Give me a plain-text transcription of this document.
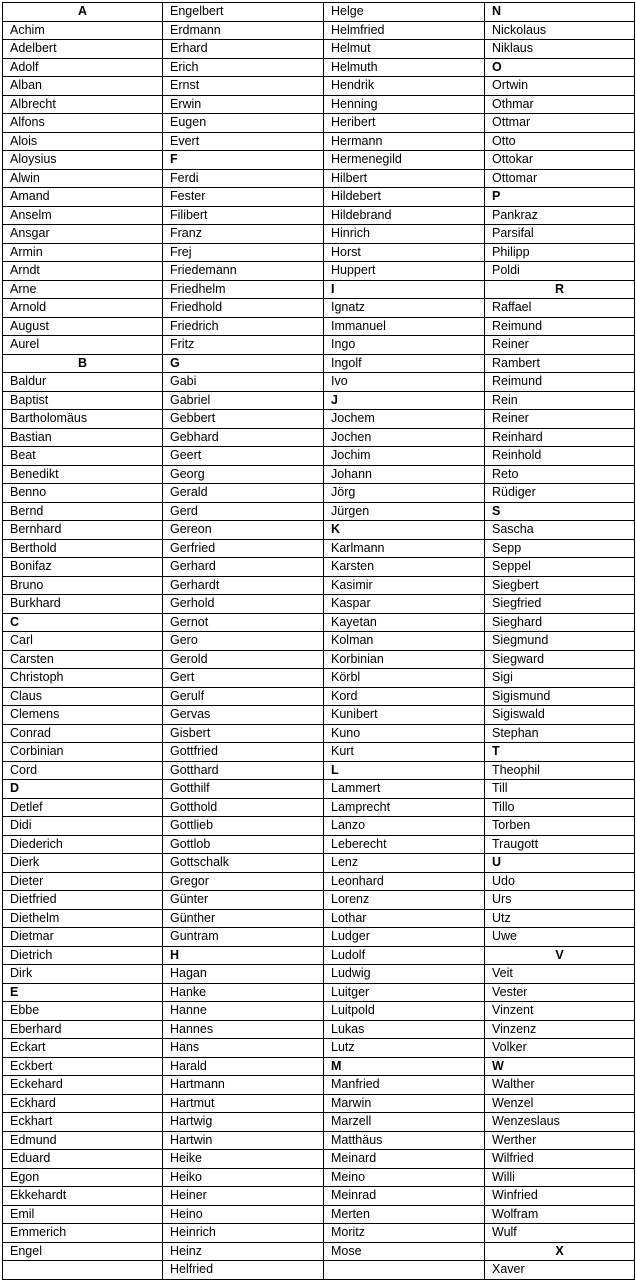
A	Engelbert	Helge	N
Achim	Erdmann	Helmfried	Nickolaus
Adelbert	Erhard	Helmut	Niklaus
Adolf	Erich	Helmuth	O
Alban	Ernst	Hendrik	Ortwin
Albrecht	Erwin	Henning	Othmar
Alfons	Eugen	Heribert	Ottmar
Alois	Evert	Hermann	Otto
Aloysius	F	Hermenegild	Ottokar
Alwin	Ferdi	Hilbert	Ottomar
Amand	Fester	Hildebert	P
Anselm	Filibert	Hildebrand	Pankraz
Ansgar	Franz	Hinrich	Parsifal
Armin	Frej	Horst	Philipp
Arndt	Friedemann	Huppert	Poldi
Arne	Friedhelm	I	R
Arnold	Friedhold	Ignatz	Raffael
August	Friedrich	Immanuel	Reimund
Aurel	Fritz	Ingo	Reiner
B	G	Ingolf	Rambert
Baldur	Gabi	Ivo	Reimund
Baptist	Gabriel	J	Rein
Bartholomäus	Gebbert	Jochem	Reiner
Bastian	Gebhard	Jochen	Reinhard
Beat	Geert	Jochim	Reinhold
Benedikt	Georg	Johann	Reto
Benno	Gerald	Jörg	Rüdiger
Bernd	Gerd	Jürgen	S
Bernhard	Gereon	K	Sascha
Berthold	Gerfried	Karlmann	Sepp
Bonifaz	Gerhard	Karsten	Seppel
Bruno	Gerhardt	Kasimir	Siegbert
Burkhard	Gerhold	Kaspar	Siegfried
C	Gernot	Kayetan	Sieghard
Carl	Gero	Kolman	Siegmund
Carsten	Gerold	Korbinian	Siegward
Christoph	Gert	Körbl	Sigi
Claus	Gerulf	Kord	Sigismund
Clemens	Gervas	Kunibert	Sigiswald
Conrad	Gisbert	Kuno	Stephan
Corbinian	Gottfried	Kurt	T
Cord	Gotthard	L	Theophil
D	Gotthilf	Lammert	Till
Detlef	Gotthold	Lamprecht	Tillo
Didi	Gottlieb	Lanzo	Torben
Diederich	Gottlob	Leberecht	Traugott
Dierk	Gottschalk	Lenz	U
Dieter	Gregor	Leonhard	Udo
Dietfried	Günter	Lorenz	Urs
Diethelm	Günther	Lothar	Utz
Dietmar	Guntram	Ludger	Uwe
Dietrich	H	Ludolf	V
Dirk	Hagan	Ludwig	Veit
E	Hanke	Luitger	Vester
Ebbe	Hanne	Luitpold	Vinzent
Eberhard	Hannes	Lukas	Vinzenz
Eckart	Hans	Lutz	Volker
Eckbert	Harald	M	W
Eckehard	Hartmann	Manfried	Walther
Eckhard	Hartmut	Marwin	Wenzel
Eckhart	Hartwig	Marzell	Wenzeslaus
Edmund	Hartwin	Matthäus	Werther
Eduard	Heike	Meinard	Wilfried
Egon	Heiko	Meino	Willi
Ekkehardt	Heiner	Meinrad	Winfried
Emil	Heino	Merten	Wolfram
Emmerich	Heinrich	Moritz	Wulf
Engel	Heinz	Mose	X
	Helfried		Xaver
